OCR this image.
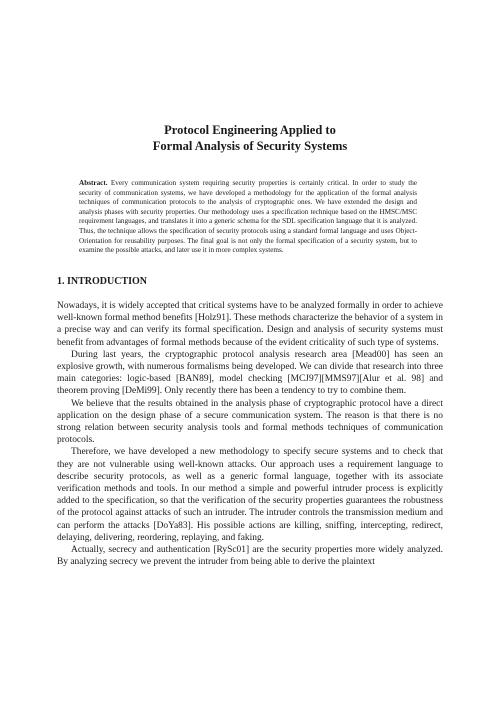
Protocol Engineering Applied to
Formal Analysis of Security Systems
Abstract. Every communication system requiring security properties is certainly critical. In order to study the security of communication systems, we have developed a methodology for the application of the formal analysis techniques of communication protocols to the analysis of cryptographic ones. We have extended the design and analysis phases with security properties. Our methodology uses a specification technique based on the HMSC/MSC requirement languages, and translates it into a generic schema for the SDL specification language that it is analyzed. Thus, the technique allows the specification of security protocols using a standard formal language and uses Object-Orientation for reusability purposes. The final goal is not only the formal specification of a security system, but to examine the possible attacks, and later use it in more complex systems.
1. INTRODUCTION

Nowadays, it is widely accepted that critical systems have to be analyzed formally in order to achieve well-known formal method benefits [Holz91]. These methods characterize the behavior of a system in a precise way and can verify its formal specification. Design and analysis of security systems must benefit from advantages of formal methods because of the evident criticality of such type of systems.

During last years, the cryptographic protocol analysis research area [Mead00] has seen an explosive growth, with numerous formalisms being developed. We can divide that research into three main categories: logic-based [BAN89], model checking [MCJ97][MMS97][Alur et al. 98] and theorem proving [DeMi99]. Only recently there has been a tendency to try to combine them.

We believe that the results obtained in the analysis phase of cryptographic protocol have a direct application on the design phase of a secure communication system. The reason is that there is no strong relation between security analysis tools and formal methods techniques of communication protocols.

Therefore, we have developed a new methodology to specify secure systems and to check that they are not vulnerable using well-known attacks. Our approach uses a requirement language to describe security protocols, as well as a generic formal language, together with its associate verification methods and tools. In our method a simple and powerful intruder process is explicitly added to the specification, so that the verification of the security properties guarantees the robustness of the protocol against attacks of such an intruder. The intruder controls the transmission medium and can perform the attacks [DoYa83]. His possible actions are killing, sniffing, intercepting, redirect, delaying, delivering, reordering, replaying, and faking.

Actually, secrecy and authentication [RySc01] are the security properties more widely analyzed. By analyzing secrecy we prevent the intruder from being able to derive the plaintext
